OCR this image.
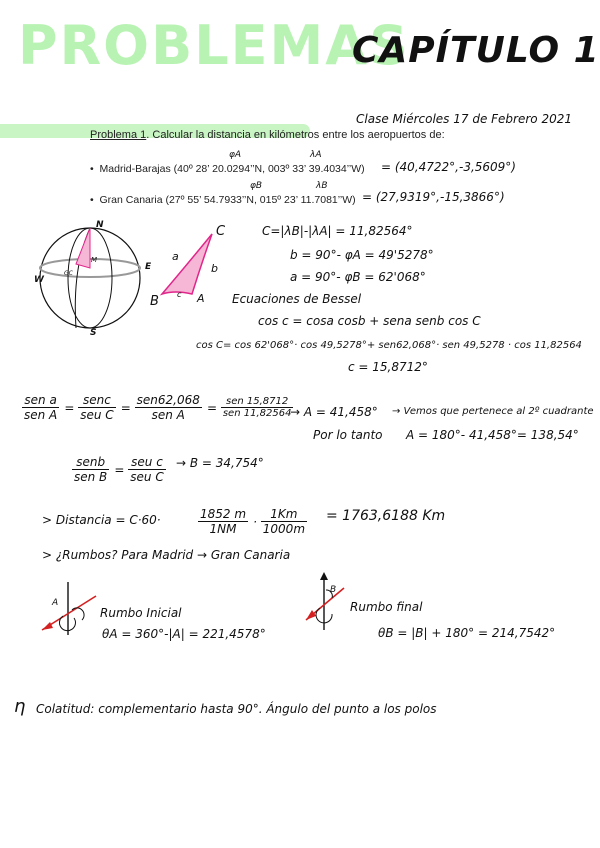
PROBLEMAS
CAPÍTULO 1
Clase Miércoles 17 de Febrero 2021
Problema 1. Calcular la distancia en kilómetros entre los aeropuertos de:
φA	λA
•  Madrid-Barajas (40º 28’ 20.0294’’N, 003º 33’ 39.4034’’W) = (40,4722°,-3,5609°)
φB	λB
•  Gran Canaria (27º 55’ 54.7933’’N, 015º 23’ 11.7081’’W) = (27,9319°,-15,3866°)
N
S
W
E
M
GC
C
B	A
a
b
c
C=|λB|-|λA| = 11,82564°
b = 90°- φA = 49'5278°
a = 90°- φB = 62'068°
Ecuaciones de Bessel
cos c = cosa cosb + sena senb cos C
cos C= cos 62'068°· cos 49,5278°+ sen62,068°· sen 49,5278 · cos 11,82564
c = 15,8712°
$\frac{\text{sen a}}{\text{sen A}} = \frac{\text{senc}}{\text{seu C}} = \frac{\text{sen62,068}}{\text{sen A}} = \frac{\text{sen 15,8712}}{\text{sen 11,82564}}$
→ A = 41,458° → Vemos que pertenece al 2º cuadrante
Por lo tanto A = 180°- 41,458°= 138,54°
$\frac{\text{senb}}{\text{sen B}} = \frac{\text{seu c}}{\text{seu C}} \to B = 34,754^\circ$
> Distancia = C·60·	$\frac{1852 m}{1NM} \cdot \frac{1Km}{1000m} = 1763,6188$ Km
> ¿Rumbos? Para Madrid → Gran Canaria
A
Rumbo Inicial
θA = 360°-|A| = 221,4578°
B
Rumbo final
θB = |B| + 180° = 214,7542°
η Colatitud: complementario hasta 90°. Ángulo del punto a los polos
